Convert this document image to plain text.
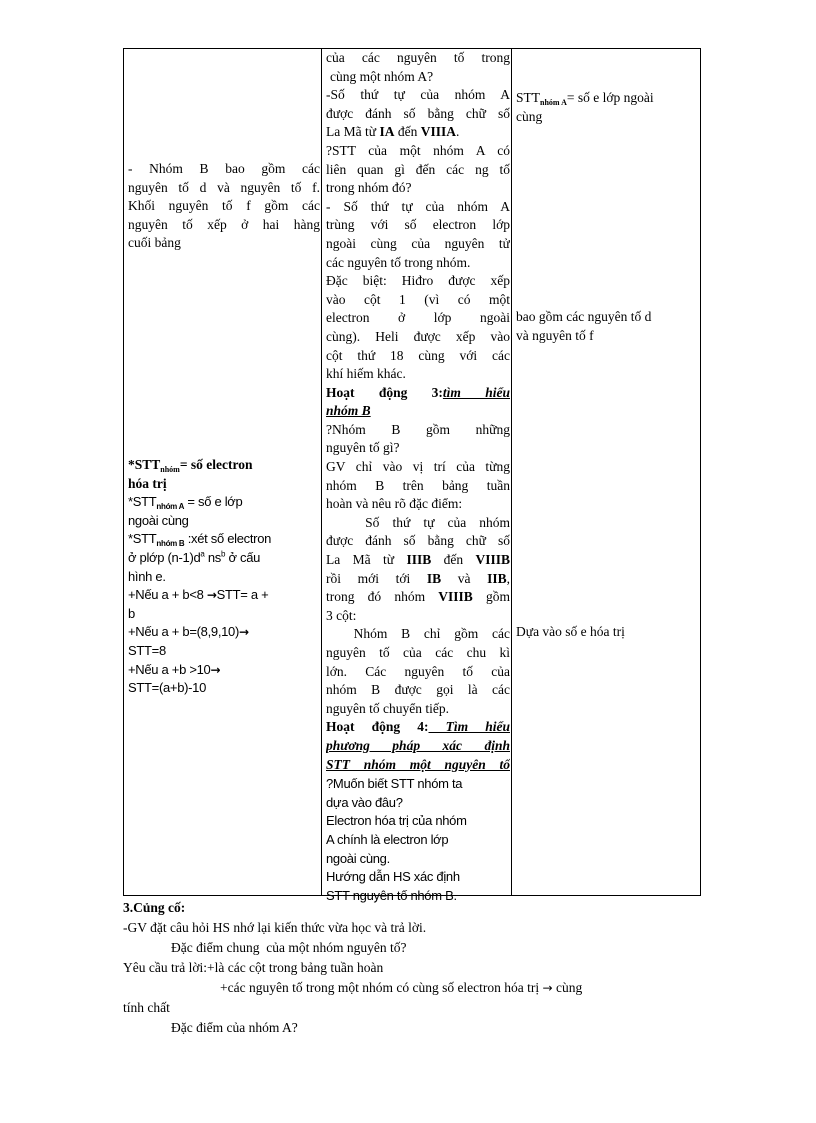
của các nguyên tố trong
cùng một nhóm A?
-Số thứ tự của nhóm A
được đánh số bằng chữ số
La Mã từ IA đến VIIIA.
?STT của một nhóm A có
liên quan gì đến các ng tố
trong nhóm đó?
- Số thứ tự của nhóm A
trùng với số electron lớp
ngoài cùng của nguyên tử
các nguyên tố trong nhóm.
Đặc biệt: Hiđro được xếp
vào cột 1 (vì có một
electron ở lớp ngoài
cùng). Heli được xếp vào
cột thứ 18 cùng với các
khí hiếm khác.
Hoạt động 3:tìm hiểu
nhóm B
?Nhóm B gồm những
nguyên tố gì?
GV chỉ vào vị trí của từng
nhóm B trên bảng tuần
hoàn và nêu rõ đặc điểm:
Số thứ tự của nhóm
được đánh số bằng chữ số
La Mã từ IIIB đến VIIIB
rồi mới tới IB và IIB,
trong đó nhóm VIIIB gồm
3 cột:
Nhóm B chỉ gồm các
nguyên tố của các chu kì
lớn. Các nguyên tố của
nhóm B được gọi là các
nguyên tố chuyển tiếp.
Hoạt động 4: Tìm hiểu
phương pháp xác định
STT nhóm một nguyên tố
?Muốn biết STT nhóm ta
dựa vào đâu?
Electron hóa trị của nhóm
A chính là electron lớp
ngoài cùng.
Hướng dẫn HS xác định
STT nguyên tố nhóm B.
- Nhóm B bao gồm các
nguyên tố d và nguyên tố f.
Khối nguyên tố f gồm các
nguyên tố xếp ở hai hàng
cuối bảng
$*STT_{nhóm}=$ số electron
hóa trị
$*STT_{nhóm A}$ = số e lớp
ngoài cùng
$*STT_{nhóm B}$ :xét số electron
ở plớp $(n-1)d^a$ $ns^b$ ở cấu
hình e.
+Nếu a + b<8 →STT= a +
b
+Nếu a + b=(8,9,10)→
STT=8
+Nếu a +b >10→
STT=(a+b)-10
$STT_{nhóm A}=$ số e lớp ngoài
cùng
bao gồm các nguyên tố d
và nguyên tố f
Dựa vào số e hóa trị
3.Củng cố:
-GV đặt câu hỏi HS nhớ lại kiến thức vừa học và trả lời.
Đặc điểm chung  của một nhóm nguyên tố?
Yêu cầu trả lời:+là các cột trong bảng tuần hoàn
+các nguyên tố trong một nhóm có cùng số electron hóa trị → cùng
tính chất
Đặc điểm của nhóm A?
